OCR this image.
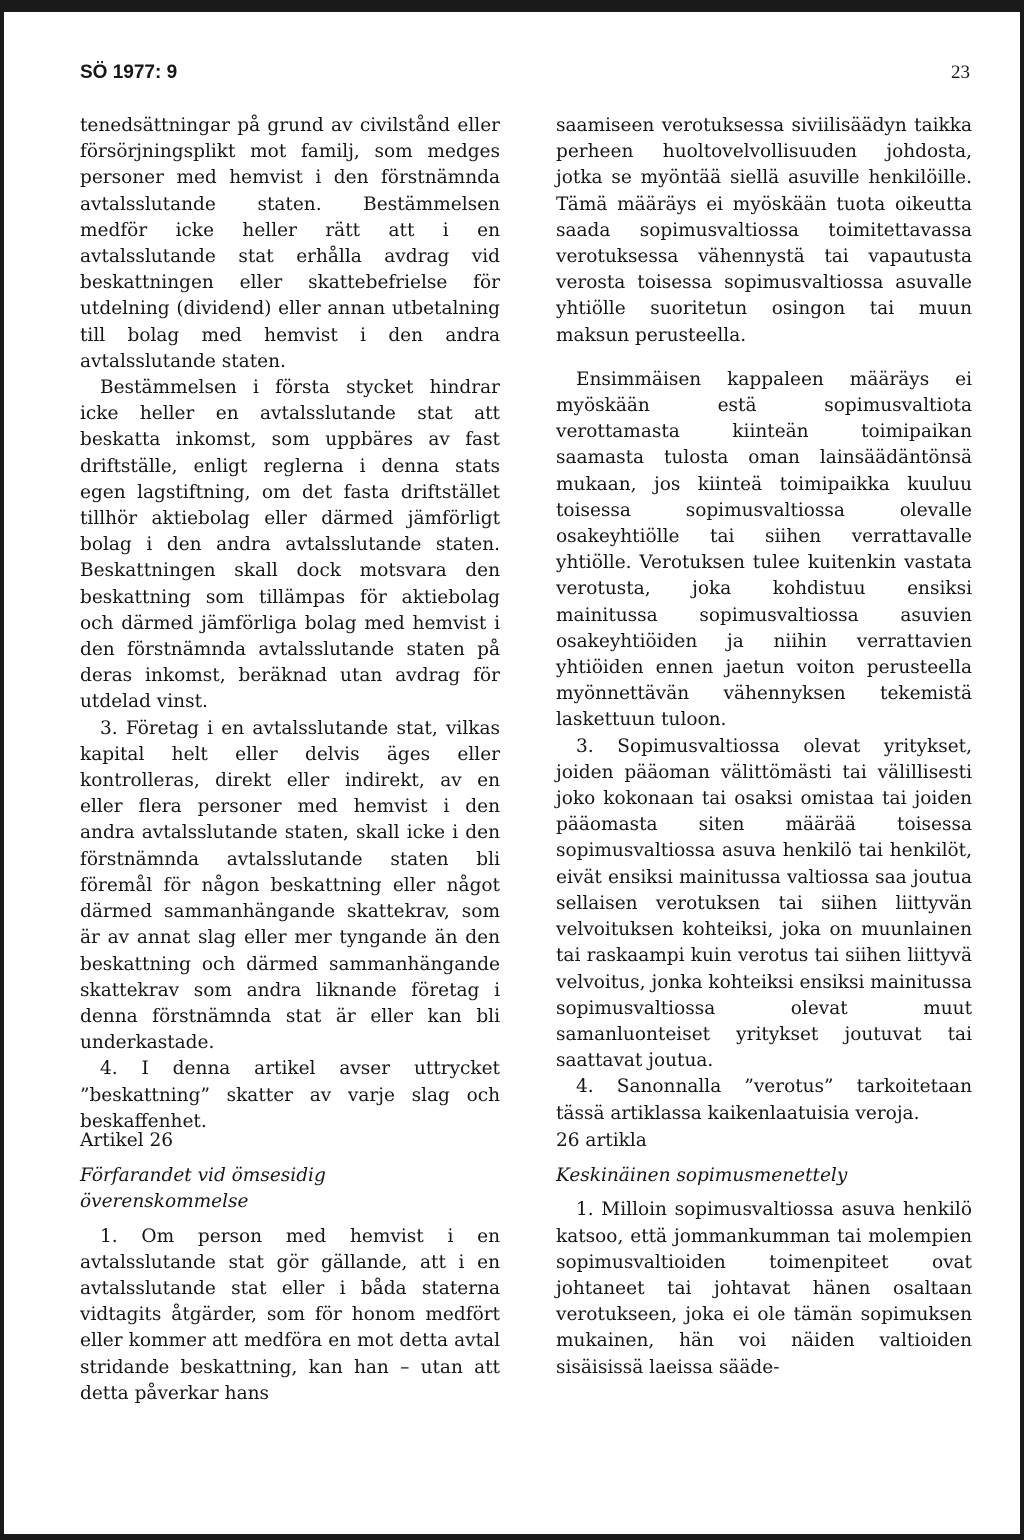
SÖ 1977: 9	23

tenedsättningar på grund av civilstånd eller försörjningsplikt mot familj, som medges personer med hemvist i den förstnämnda avtalsslutande staten. Bestämmelsen medför icke heller rätt att i en avtalsslutande stat erhålla avdrag vid beskattningen eller skattebefrielse för utdelning (dividend) eller annan utbetalning till bolag med hemvist i den andra avtalsslutande staten.

Bestämmelsen i första stycket hindrar icke heller en avtalsslutande stat att beskatta inkomst, som uppbäres av fast driftställe, enligt reglerna i denna stats egen lagstiftning, om det fasta driftstället tillhör aktiebolag eller därmed jämförligt bolag i den andra avtalsslutande staten. Beskattningen skall dock motsvara den beskattning som tillämpas för aktiebolag och därmed jämförliga bolag med hemvist i den förstnämnda avtalsslutande staten på deras inkomst, beräknad utan avdrag för utdelad vinst.

3. Företag i en avtalsslutande stat, vilkas kapital helt eller delvis äges eller kontrolleras, direkt eller indirekt, av en eller flera personer med hemvist i den andra avtalsslutande staten, skall icke i den förstnämnda avtalsslutande staten bli föremål för någon beskattning eller något därmed sammanhängande skattekrav, som är av annat slag eller mer tyngande än den beskattning och därmed sammanhängande skattekrav som andra liknande företag i denna förstnämnda stat är eller kan bli underkastade.

4. I denna artikel avser uttrycket ”beskattning” skatter av varje slag och beskaffenhet.

saamiseen verotuksessa siviilisäädyn taikka perheen huoltovelvollisuuden johdosta, jotka se myöntää siellä asuville henkilöille. Tämä määräys ei myöskään tuota oikeutta saada sopimusvaltiossa toimitettavassa verotuksessa vähennystä tai vapautusta verosta toisessa sopimusvaltiossa asuvalle yhtiölle suoritetun osingon tai muun maksun perusteella.

Ensimmäisen kappaleen määräys ei myöskään estä sopimusvaltiota verottamasta kiinteän toimipaikan saamasta tulosta oman lainsäädäntönsä mukaan, jos kiinteä toimipaikka kuuluu toisessa sopimusvaltiossa olevalle osakeyhtiölle tai siihen verrattavalle yhtiölle. Verotuksen tulee kuitenkin vastata verotusta, joka kohdistuu ensiksi mainitussa sopimusvaltiossa asuvien osakeyhtiöiden ja niihin verrattavien yhtiöiden ennen jaetun voiton perusteella myönnettävän vähennyksen tekemistä laskettuun tuloon.

3. Sopimusvaltiossa olevat yritykset, joiden pääoman välittömästi tai välillisesti joko kokonaan tai osaksi omistaa tai joiden pääomasta siten määrää toisessa sopimusvaltiossa asuva henkilö tai henkilöt, eivät ensiksi mainitussa valtiossa saa joutua sellaisen verotuksen tai siihen liittyvän velvoituksen kohteiksi, joka on muunlainen tai raskaampi kuin verotus tai siihen liittyvä velvoitus, jonka kohteiksi ensiksi mainitussa sopimusvaltiossa olevat muut samanluonteiset yritykset joutuvat tai saattavat joutua.

4. Sanonnalla ”verotus” tarkoitetaan tässä artiklassa kaikenlaatuisia veroja.

Artikel 26
Förfarandet vid ömsesidig överenskommelse

1. Om person med hemvist i en avtalsslutande stat gör gällande, att i en avtalsslutande stat eller i båda staterna vidtagits åtgärder, som för honom medfört eller kommer att medföra en mot detta avtal stridande beskattning, kan han – utan att detta påverkar hans

26 artikla
Keskinäinen sopimusmenettely

1. Milloin sopimusvaltiossa asuva henkilö katsoo, että jommankumman tai molempien sopimusvaltioiden toimenpiteet ovat johtaneet tai johtavat hänen osaltaan verotukseen, joka ei ole tämän sopimuksen mukainen, hän voi näiden valtioiden sisäisissä laeissa sääde-
